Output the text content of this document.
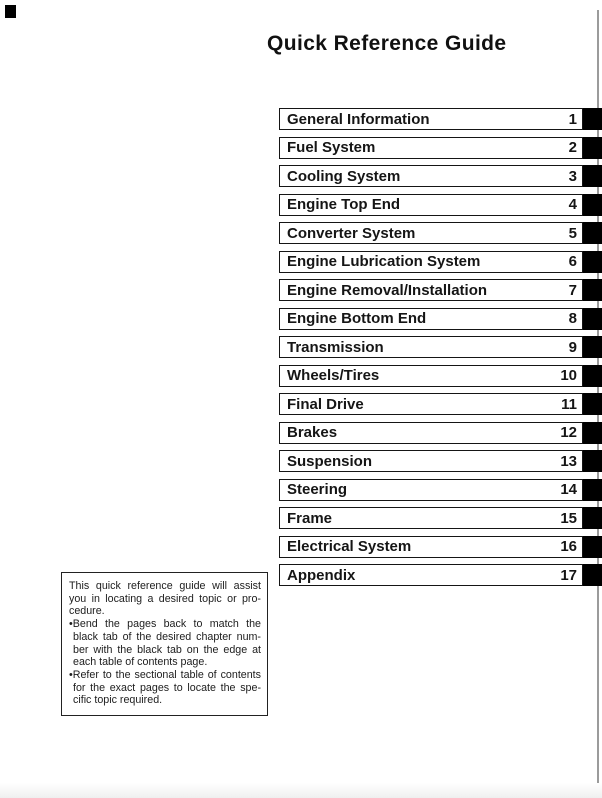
Quick Reference Guide
General Information	1
Fuel System	2
Cooling System	3
Engine Top End	4
Converter System	5
Engine Lubrication System	6
Engine Removal/Installation	7
Engine Bottom End	8
Transmission	9
Wheels/Tires	10
Final Drive	11
Brakes	12
Suspension	13
Steering	14
Frame	15
Electrical System	16
Appendix	17
This quick reference guide will assist
you in locating a desired topic or pro-
cedure.
•Bend the pages back to match the
black tab of the desired chapter num-
ber with the black tab on the edge at
each table of contents page.
•Refer to the sectional table of contents
for the exact pages to locate the spe-
cific topic required.
